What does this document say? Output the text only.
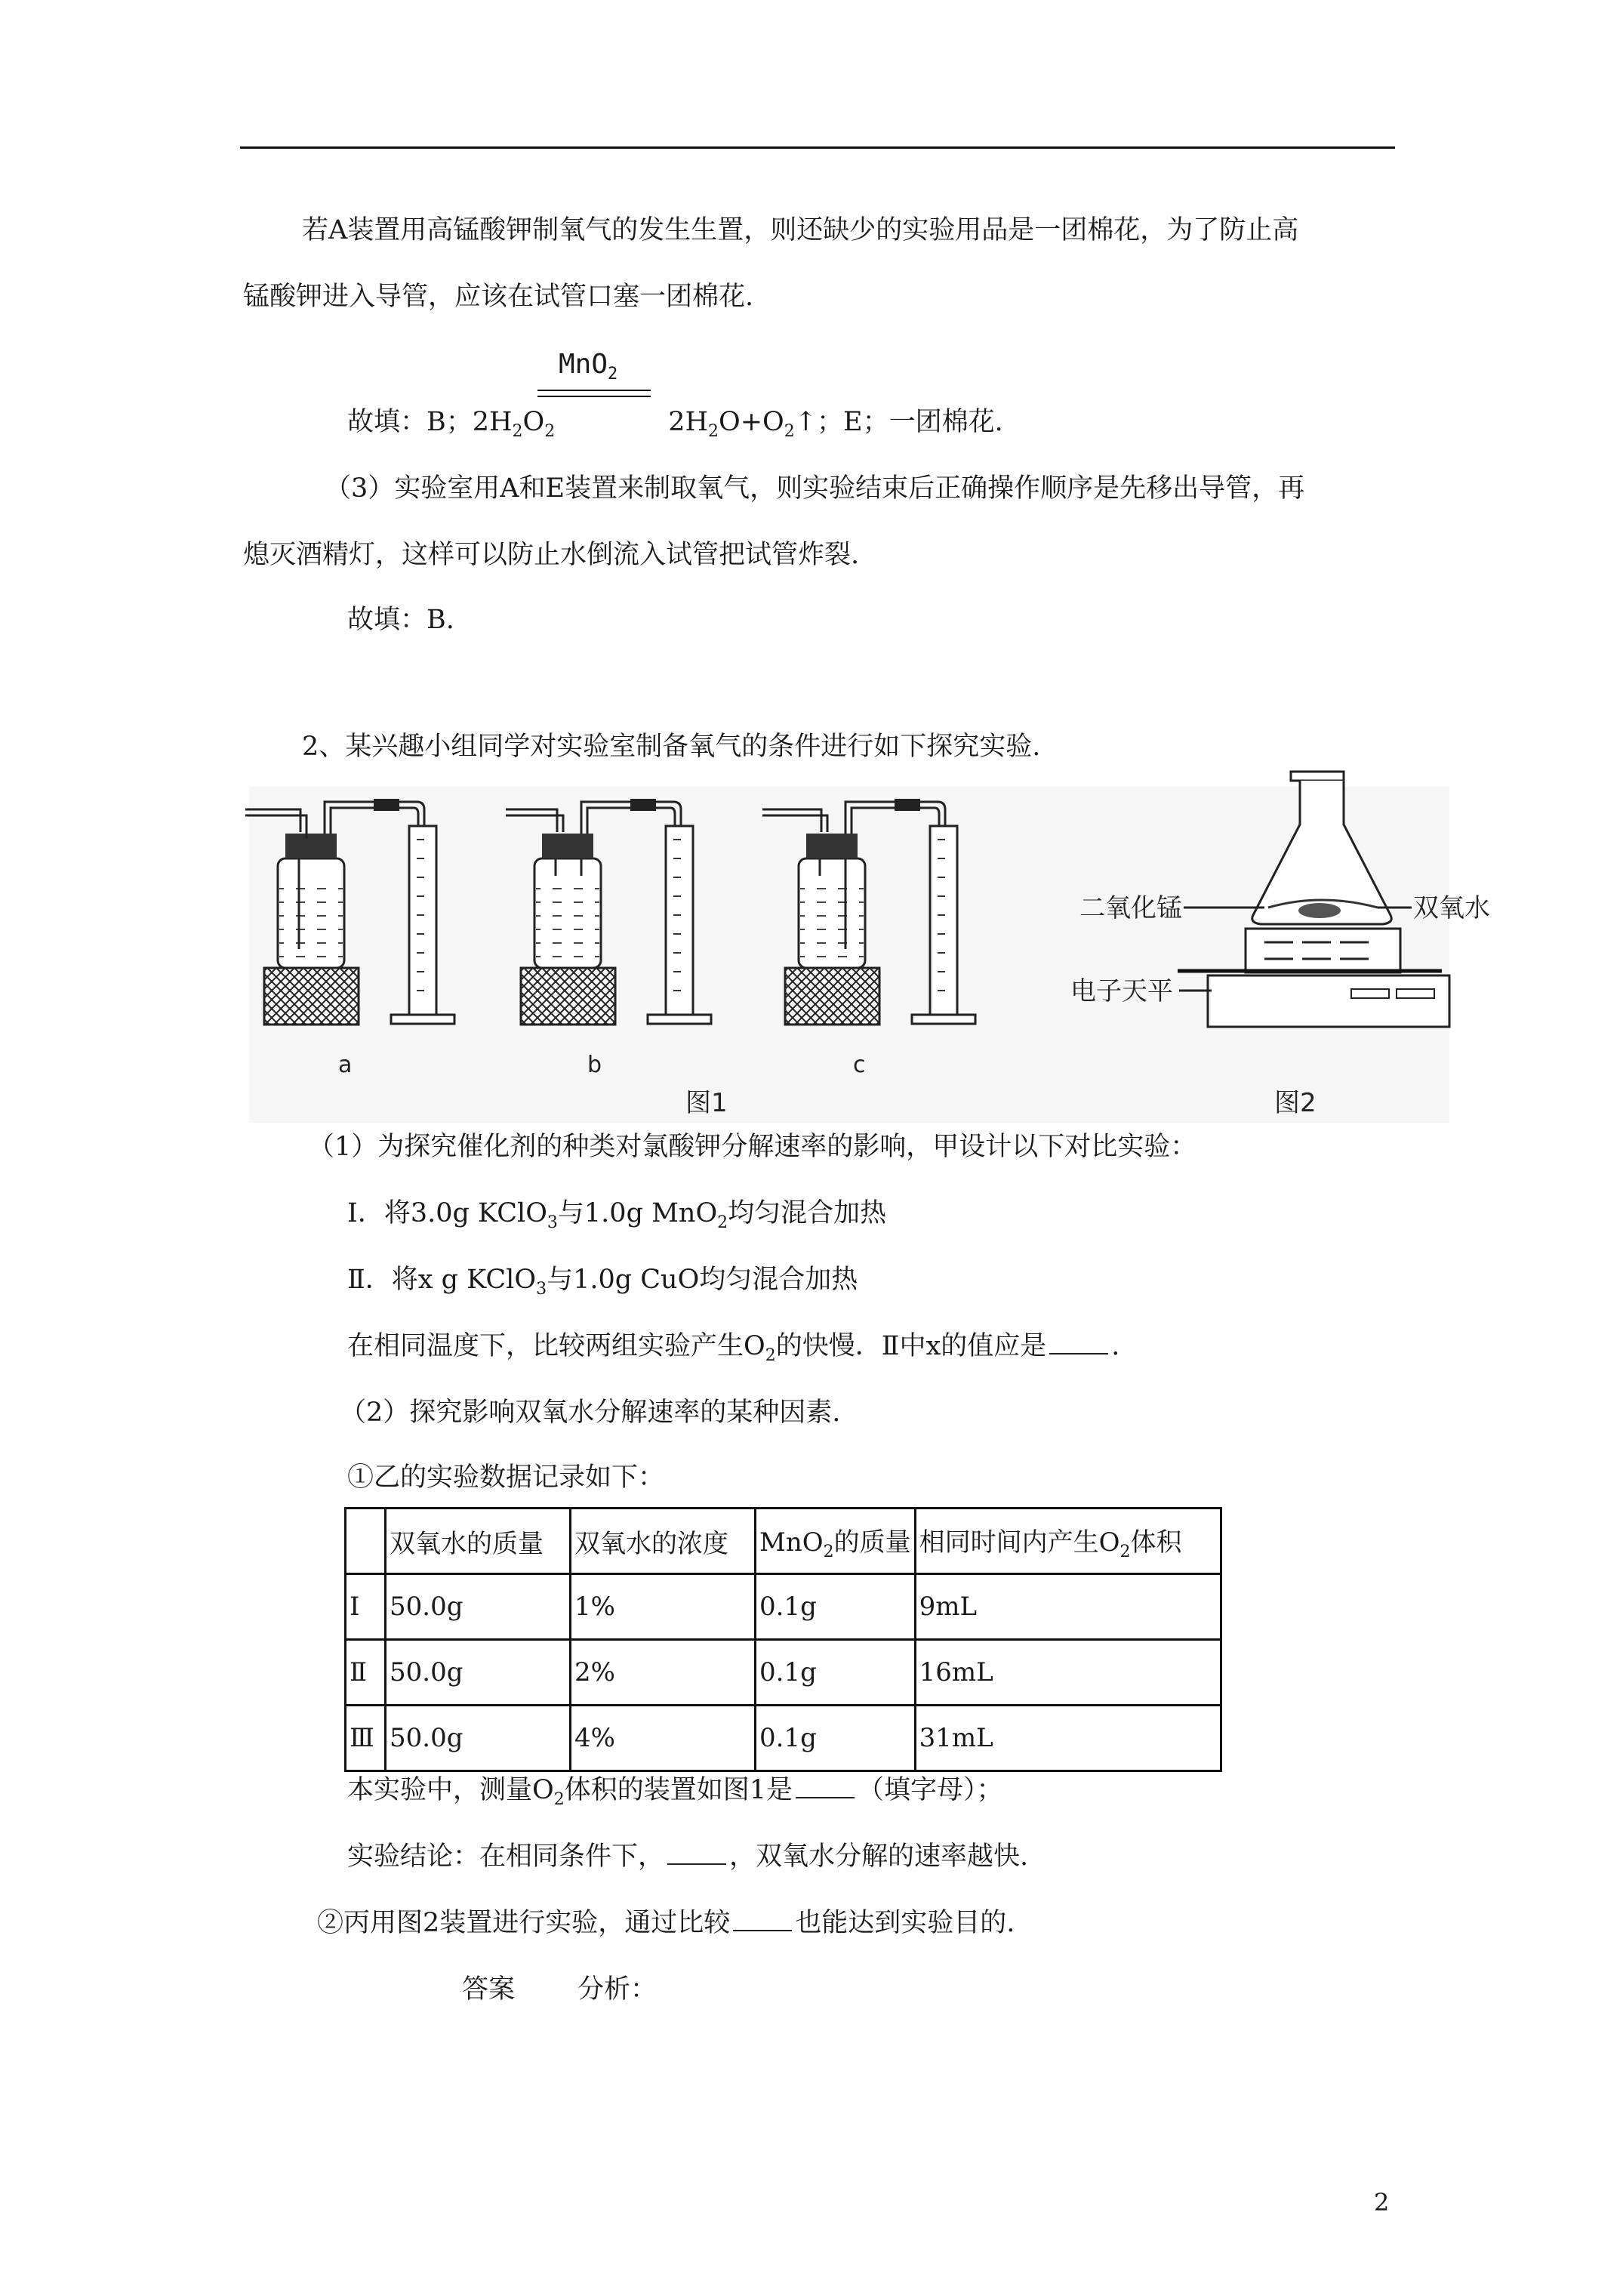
若A装置用高锰酸钾制氧气的发生生置，则还缺少的实验用品是一团棉花，为了防止高
锰酸钾进入导管，应该在试管口塞一团棉花.
MnO$_2$
故填：B；$2H_2O_2$	$2H_2O+O_2↑$；E；一团棉花.
（3）实验室用A和E装置来制取氧气，则实验结束后正确操作顺序是先移出导管，再
熄灭酒精灯，这样可以防止水倒流入试管把试管炸裂.
故填：B.
2、某兴趣小组同学对实验室制备氧气的条件进行如下探究实验.
a	b	c
二氧化锰	双氧水
电子天平
图1	图2
（1）为探究催化剂的种类对氯酸钾分解速率的影响，甲设计以下对比实验：
Ⅰ．将3.0g KClO$_3$与1.0g MnO$_2$均匀混合加热
Ⅱ．将x g KClO$_3$与1.0g CuO均匀混合加热
在相同温度下，比较两组实验产生$O_2$的快慢．Ⅱ中x的值应是 .
（2）探究影响双氧水分解速率的某种因素.
①乙的实验数据记录如下：
	双氧水的质量	双氧水的浓度	MnO$_2$的质量	相同时间内产生$O_2$体积
Ⅰ	50.0g	1%	0.1g	9mL
Ⅱ	50.0g	2%	0.1g	16mL
Ⅲ	50.0g	4%	0.1g	31mL
本实验中，测量$O_2$体积的装置如图1是 （填字母）；
实验结论：在相同条件下， ，双氧水分解的速率越快.
②丙用图2装置进行实验，通过比较 也能达到实验目的.
答案 分析：
2
